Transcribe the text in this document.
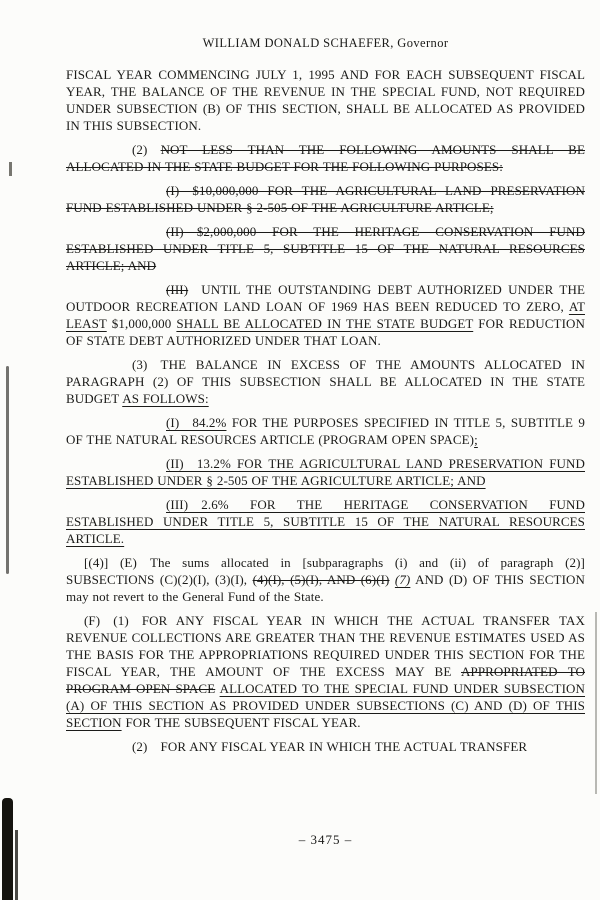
WILLIAM DONALD SCHAEFER, Governor

FISCAL YEAR COMMENCING JULY 1, 1995 AND FOR EACH SUBSEQUENT FISCAL YEAR, THE BALANCE OF THE REVENUE IN THE SPECIAL FUND, NOT REQUIRED UNDER SUBSECTION (B) OF THIS SECTION, SHALL BE ALLOCATED AS PROVIDED IN THIS SUBSECTION.

(2) NOT LESS THAN THE FOLLOWING AMOUNTS SHALL BE ALLOCATED IN THE STATE BUDGET FOR THE FOLLOWING PURPOSES:

(I) $10,000,000 FOR THE AGRICULTURAL LAND PRESERVATION FUND ESTABLISHED UNDER § 2-505 OF THE AGRICULTURE ARTICLE;

(II) $2,000,000 FOR THE HERITAGE CONSERVATION FUND ESTABLISHED UNDER TITLE 5, SUBTITLE 15 OF THE NATURAL RESOURCES ARTICLE; AND

(III) UNTIL THE OUTSTANDING DEBT AUTHORIZED UNDER THE OUTDOOR RECREATION LAND LOAN OF 1969 HAS BEEN REDUCED TO ZERO, AT LEAST $1,000,000 SHALL BE ALLOCATED IN THE STATE BUDGET FOR REDUCTION OF STATE DEBT AUTHORIZED UNDER THAT LOAN.

(3) THE BALANCE IN EXCESS OF THE AMOUNTS ALLOCATED IN PARAGRAPH (2) OF THIS SUBSECTION SHALL BE ALLOCATED IN THE STATE BUDGET AS FOLLOWS:

(I) 84.2% FOR THE PURPOSES SPECIFIED IN TITLE 5, SUBTITLE 9 OF THE NATURAL RESOURCES ARTICLE (PROGRAM OPEN SPACE);

(II) 13.2% FOR THE AGRICULTURAL LAND PRESERVATION FUND ESTABLISHED UNDER § 2-505 OF THE AGRICULTURE ARTICLE; AND

(III) 2.6% FOR THE HERITAGE CONSERVATION FUND ESTABLISHED UNDER TITLE 5, SUBTITLE 15 OF THE NATURAL RESOURCES ARTICLE.

[(4)] (E) The sums allocated in [subparagraphs (i) and (ii) of paragraph (2)] SUBSECTIONS (C)(2)(I), (3)(I), (4)(I), (5)(I), AND (6)(I) (7) AND (D) OF THIS SECTION may not revert to the General Fund of the State.

(F) (1) FOR ANY FISCAL YEAR IN WHICH THE ACTUAL TRANSFER TAX REVENUE COLLECTIONS ARE GREATER THAN THE REVENUE ESTIMATES USED AS THE BASIS FOR THE APPROPRIATIONS REQUIRED UNDER THIS SECTION FOR THE FISCAL YEAR, THE AMOUNT OF THE EXCESS MAY BE APPROPRIATED TO PROGRAM OPEN SPACE ALLOCATED TO THE SPECIAL FUND UNDER SUBSECTION (A) OF THIS SECTION AS PROVIDED UNDER SUBSECTIONS (C) AND (D) OF THIS SECTION FOR THE SUBSEQUENT FISCAL YEAR.

(2) FOR ANY FISCAL YEAR IN WHICH THE ACTUAL TRANSFER

– 3475 –
